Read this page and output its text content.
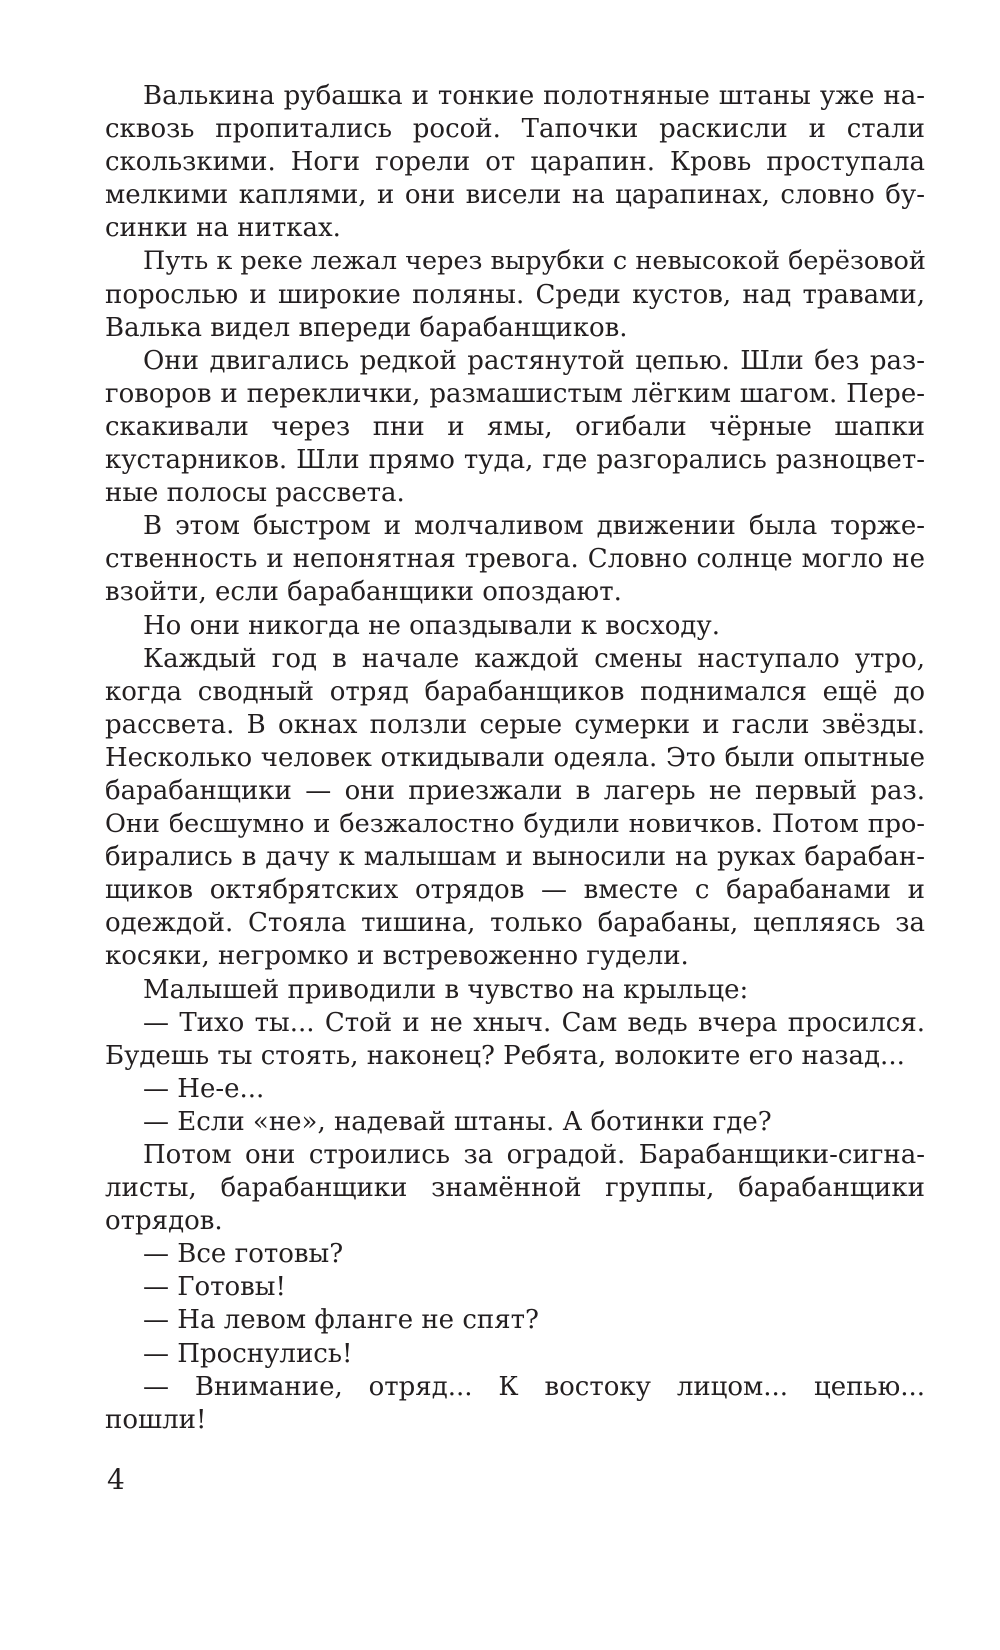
Валькина рубашка и тонкие полотняные штаны уже на-
сквозь пропитались росой. Тапочки раскисли и стали
скользкими. Ноги горели от царапин. Кровь проступала
мелкими каплями, и они висели на царапинах, словно бу-
синки на нитках.
Путь к реке лежал через вырубки с невысокой берёзовой
порослью и широкие поляны. Среди кустов, над травами,
Валька видел впереди барабанщиков.
Они двигались редкой растянутой цепью. Шли без раз-
говоров и переклички, размашистым лёгким шагом. Пере-
скакивали через пни и ямы, огибали чёрные шапки
кустарников. Шли прямо туда, где разгорались разноцвет-
ные полосы рассвета.
В этом быстром и молчаливом движении была торже-
ственность и непонятная тревога. Словно солнце могло не
взойти, если барабанщики опоздают.
Но они никогда не опаздывали к восходу.
Каждый год в начале каждой смены наступало утро,
когда сводный отряд барабанщиков поднимался ещё до
рассвета. В окнах ползли серые сумерки и гасли звёзды.
Несколько человек откидывали одеяла. Это были опытные
барабанщики — они приезжали в лагерь не первый раз.
Они бесшумно и безжалостно будили новичков. Потом про-
бирались в дачу к малышам и выносили на руках барабан-
щиков октябрятских отрядов — вместе с барабанами и
одеждой. Стояла тишина, только барабаны, цепляясь за
косяки, негромко и встревоженно гудели.
Малышей приводили в чувство на крыльце:
— Тихо ты... Стой и не хныч. Сам ведь вчера просился.
Будешь ты стоять, наконец? Ребята, волоките его назад...
— Не-е...
— Если «не», надевай штаны. А ботинки где?
Потом они строились за оградой. Барабанщики-сигна-
листы, барабанщики знамённой группы, барабанщики
отрядов.
— Все готовы?
— Готовы!
— На левом фланге не спят?
— Проснулись!
— Внимание, отряд... К востоку лицом... цепью...
пошли!
4
